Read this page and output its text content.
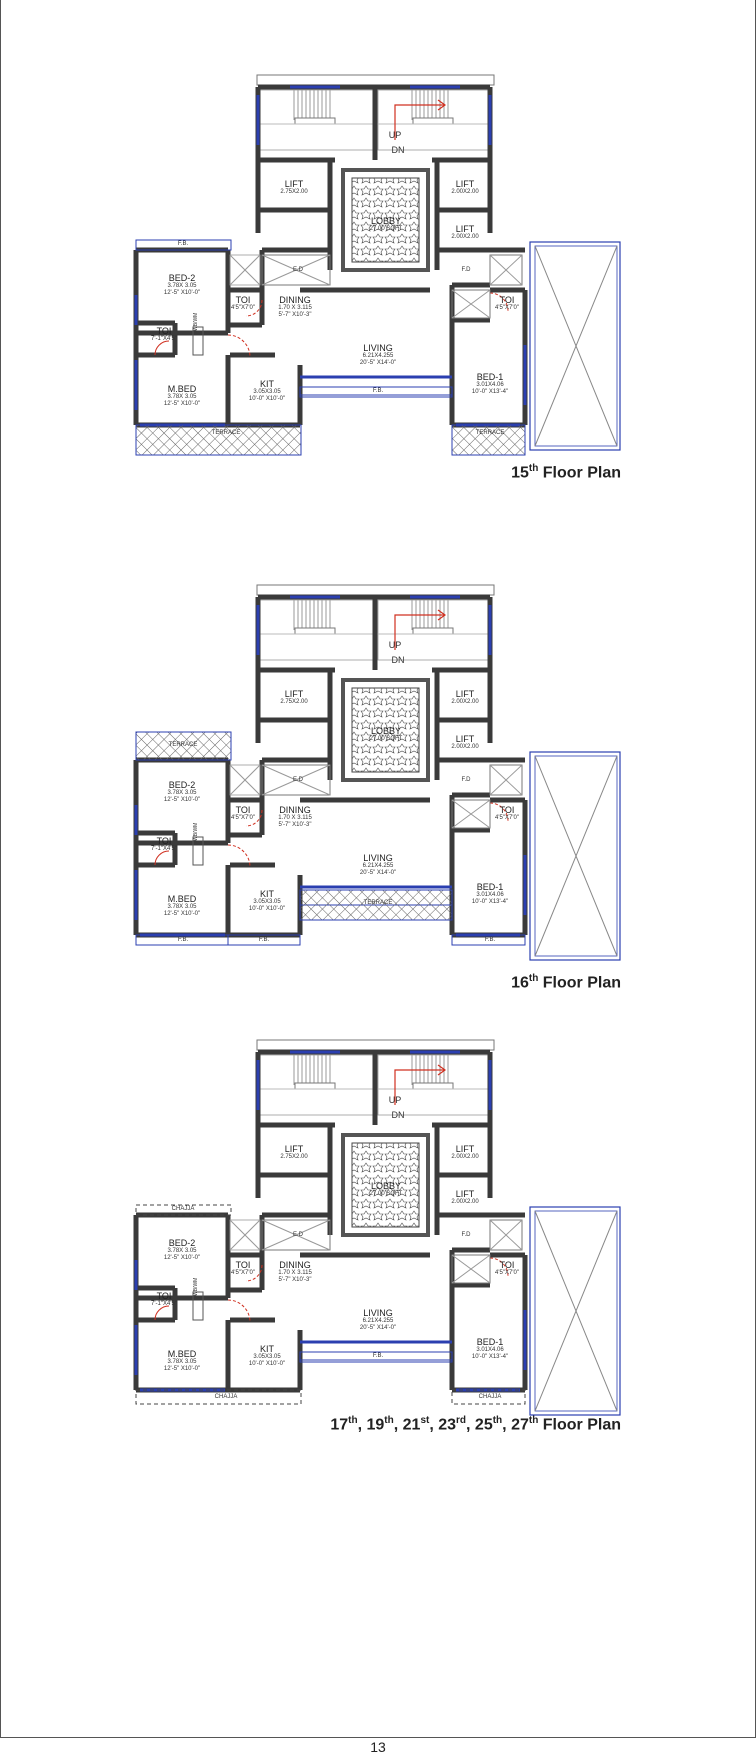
UP
DN
LIFT
2.75X2.00
LIFT
2.00X2.00
LIFT
2.00X2.00
LOBBY
27.00 SQFT
BED-2
3.78X 3.05
12'-5" X10'-0"
TOI
7'-1"X4'5"
TOI
4'5"X7'0"
TOI
4'5"X7'0"
DINING
1.70 X 3.115
5'-7" X10'-3"
LIVING
6.21X4.255
20'-5" X14'-0"
M.BED
3.78X 3.05
12'-5" X10'-0"
KIT
3.05X3.05
10'-0" X10'-0"
BED-1
3.01X4.06
10'-0" X13'-4"
E.D	F.D
WB/WM
F.B.
TERRACE	TERRACE
F.B.
15th Floor Plan
UP
DN
LIFT
2.75X2.00
LIFT
2.00X2.00
LIFT
2.00X2.00
LOBBY
27.00 SQFT
BED-2
3.78X 3.05
12'-5" X10'-0"
TOI
7'-1"X4'5"
TOI
4'5"X7'0"
TOI
4'5"X7'0"
DINING
1.70 X 3.115
5'-7" X10'-3"
LIVING
6.21X4.255
20'-5" X14'-0"
M.BED
3.78X 3.05
12'-5" X10'-0"
KIT
3.05X3.05
10'-0" X10'-0"
BED-1
3.01X4.06
10'-0" X13'-4"
E.D	F.D
WB/WM
TERRACE
TERRACE
F.B.	F.B.	F.B.
16th Floor Plan
UP
DN
LIFT
2.75X2.00
LIFT
2.00X2.00
LIFT
2.00X2.00
LOBBY
27.00 SQFT
BED-2
3.78X 3.05
12'-5" X10'-0"
TOI
7'-1"X4'5"
TOI
4'5"X7'0"
TOI
4'5"X7'0"
DINING
1.70 X 3.115
5'-7" X10'-3"
LIVING
6.21X4.255
20'-5" X14'-0"
M.BED
3.78X 3.05
12'-5" X10'-0"
KIT
3.05X3.05
10'-0" X10'-0"
BED-1
3.01X4.06
10'-0" X13'-4"
E.D	F.D
WB/WM
CHAJJA
CHAJJA	CHAJJA
F.B.
17th, 19th, 21st, 23rd, 25th, 27th Floor Plan
13
